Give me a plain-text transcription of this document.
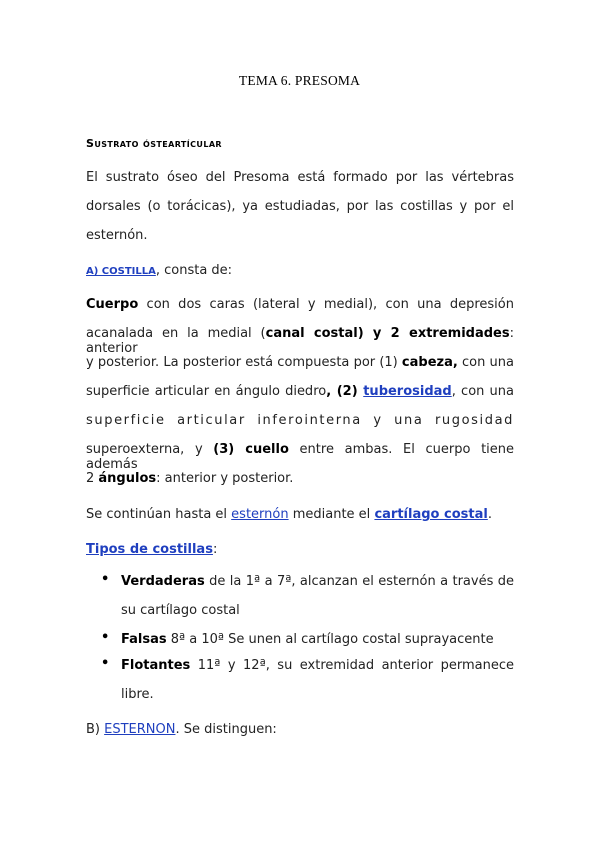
TEMA 6. PRESOMA
Sustrato ósteartícular
El sustrato óseo del Presoma está formado por las vértebras
dorsales (o torácicas), ya estudiadas, por las costillas y por el
esternón.
A) COSTILLA, consta de:
Cuerpo con dos caras (lateral y medial), con una depresión
acanalada en la medial (canal costal) y 2 extremidades: anterior
y posterior. La posterior está compuesta por (1) cabeza, con una
superficie articular en ángulo diedro, (2) tuberosidad, con una
superficie articular inferointerna y una rugosidad
superoexterna, y (3) cuello entre ambas. El cuerpo tiene además
2 ángulos: anterior y posterior.
Se continúan hasta el esternón mediante el cartílago costal.
Tipos de costillas:
• Verdaderas de la 1ª a 7ª, alcanzan el esternón a través de
su cartílago costal
• Falsas 8ª a 10ª Se unen al cartílago costal suprayacente
• Flotantes 11ª y 12ª, su extremidad anterior permanece
libre.
B) ESTERNON. Se distinguen:
